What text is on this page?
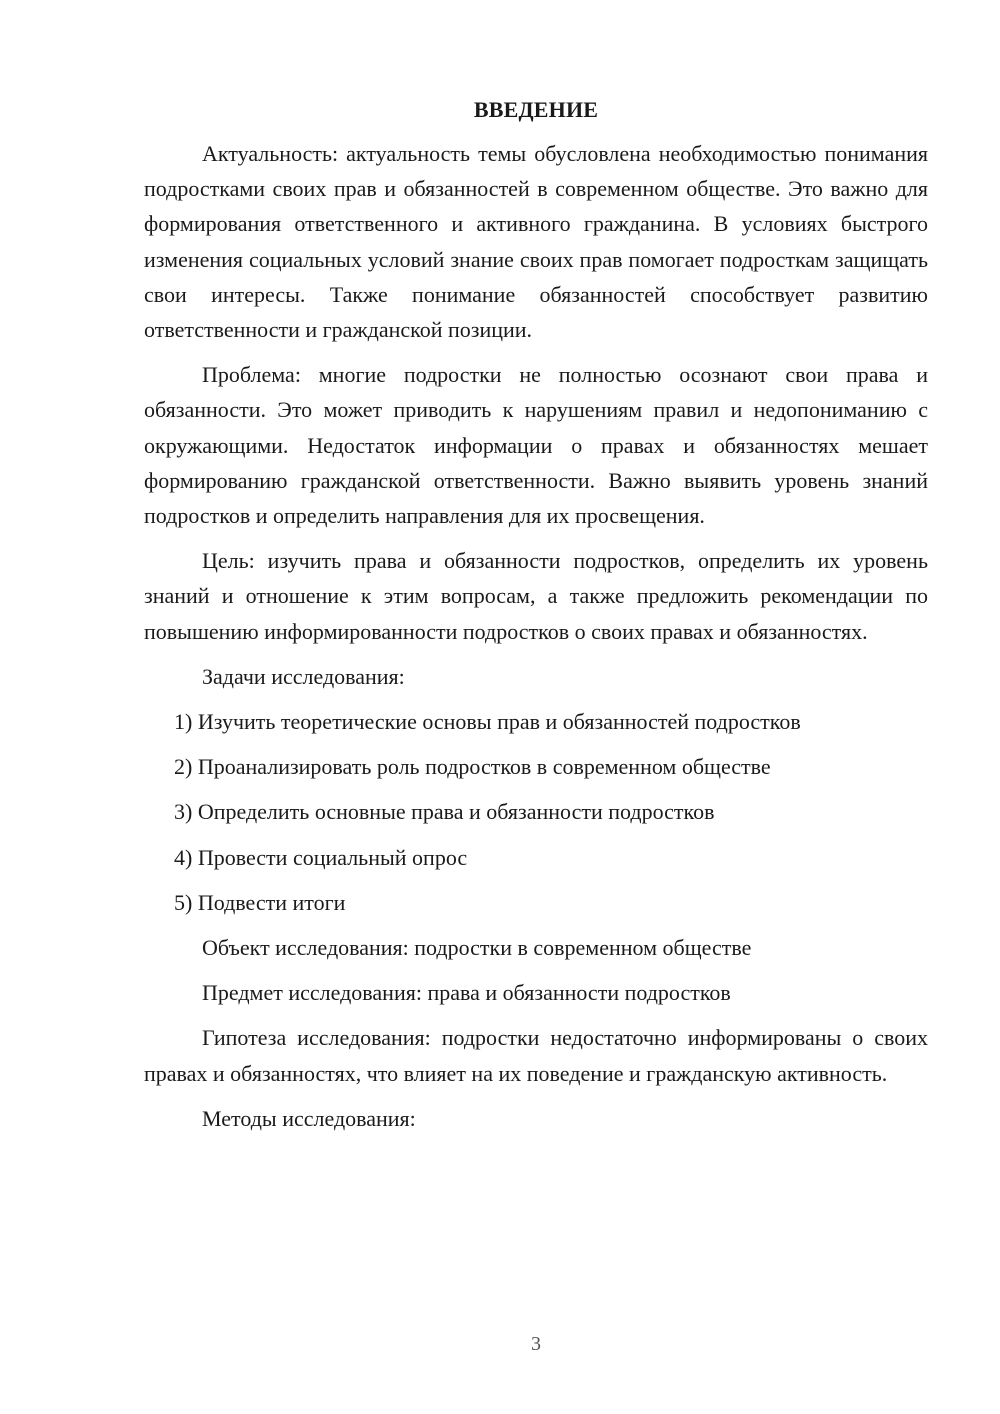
ВВЕДЕНИЕ

Актуальность: актуальность темы обусловлена необходимостью понимания подростками своих прав и обязанностей в современном обществе. Это важно для формирования ответственного и активного гражданина. В условиях быстрого изменения социальных условий знание своих прав помогает подросткам защищать свои интересы. Также понимание обязанностей способствует развитию ответственности и гражданской позиции.

Проблема: многие подростки не полностью осознают свои права и обязанности. Это может приводить к нарушениям правил и недопониманию с окружающими. Недостаток информации о правах и обязанностях мешает формированию гражданской ответственности. Важно выявить уровень знаний подростков и определить направления для их просвещения.

Цель: изучить права и обязанности подростков, определить их уровень знаний и отношение к этим вопросам, а также предложить рекомендации по повышению информированности подростков о своих правах и обязанностях.

Задачи исследования:

1) Изучить теоретические основы прав и обязанностей подростков

2) Проанализировать роль подростков в современном обществе

3) Определить основные права и обязанности подростков

4) Провести социальный опрос

5) Подвести итоги

Объект исследования: подростки в современном обществе

Предмет исследования: права и обязанности подростков

Гипотеза исследования: подростки недостаточно информированы о своих правах и обязанностях, что влияет на их поведение и гражданскую активность.

Методы исследования:

3
